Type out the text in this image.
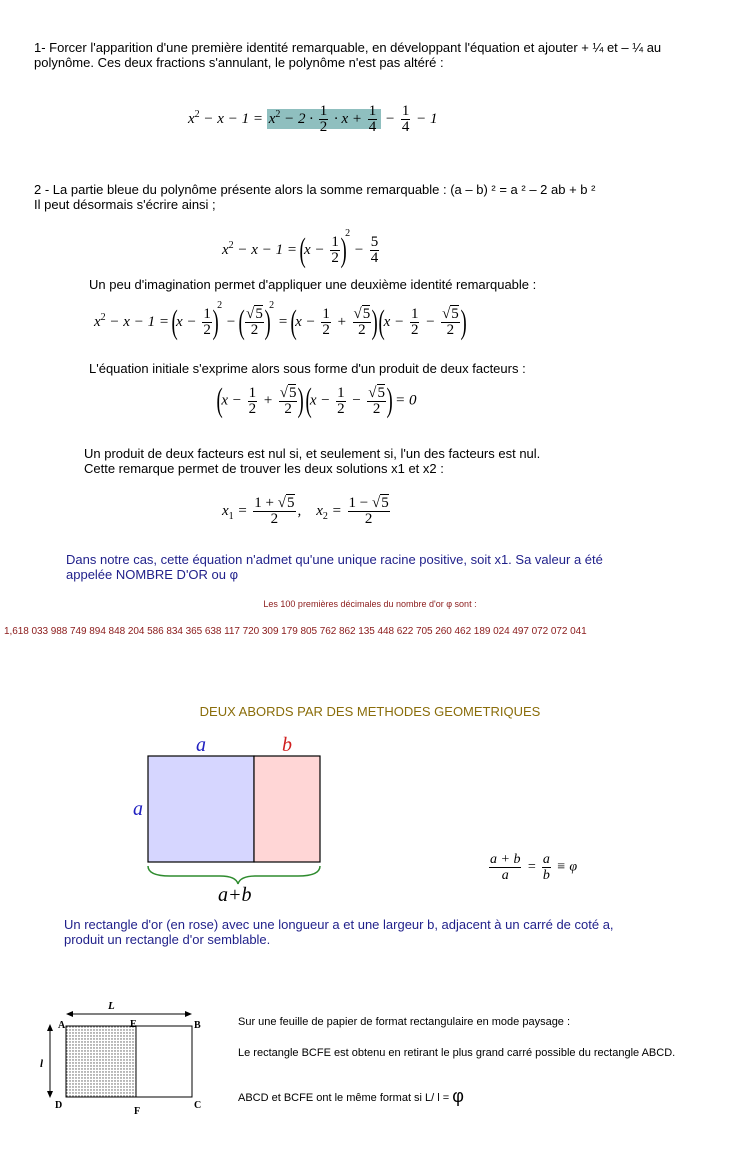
1- Forcer l'apparition d'une première identité remarquable, en développant l'équation et ajouter + ¼ et – ¼ au polynôme. Ces deux fractions s'annulant, le polynôme n'est pas altéré :
$x^2 - x - 1 = x^2 - 2 \cdot \frac{1}{2} \cdot x + \frac{1}{4} - \frac{1}{4} - 1$
2 - La partie bleue du polynôme présente alors la somme remarquable : (a – b) ² = a ² – 2 ab + b ²
Il peut désormais s'écrire ainsi ;
$x^2 - x - 1 = (x - \frac{1}{2} )^2 - \frac{5}{4}$
Un peu d'imagination permet d'appliquer une deuxième identité remarquable :
$x^2 - x - 1 = (x - \frac{1}{2} )^2$ − ( $\frac{√5}{2} )^2 = (x - \frac{1}{2} + \frac{√5}{2}$ ) ($x - \frac{1}{2} - \frac{√5}{2}$ )
L'équation initiale s'exprime alors sous forme d'un produit de deux facteurs :
($x - \frac{1}{2} + \frac{√5}{2}$ ) ($x - \frac{1}{2} - \frac{√5}{2}$ ) = 0
Un produit de deux facteurs est nul si, et seulement si, l'un des facteurs est nul.
Cette remarque permet de trouver les deux solutions x1 et x2 :
$x_1 = \frac{1 + √5}{2}$ ,    $x_2 = \frac{1 - √5}{2}$
Dans notre cas, cette équation n'admet qu'une unique racine positive, soit x1. Sa valeur a été
appelée NOMBRE D'OR ou φ
Les 100 premières décimales du nombre d'or φ sont :
1,618 033 988 749 894 848 204 586 834 365 638 117 720 309 179 805 762 862 135 448 622 705 260 462 189 024 497 072 072 041
DEUX ABORDS PAR DES METHODES GEOMETRIQUES
a	b
a
a+b
$\frac{a + b}{a} = \frac{a}{b} \equiv \varphi$
Un rectangle d'or (en rose) avec une longueur a et une largeur b, adjacent à un carré de coté a,
produit un rectangle d'or semblable.
L
l
A	E	B
D
F
C
Sur une feuille de papier de format rectangulaire en mode paysage :
Le rectangle BCFE est obtenu en retirant le plus grand carré possible du rectangle ABCD.
ABCD et BCFE ont le même format si L/ l = φ
